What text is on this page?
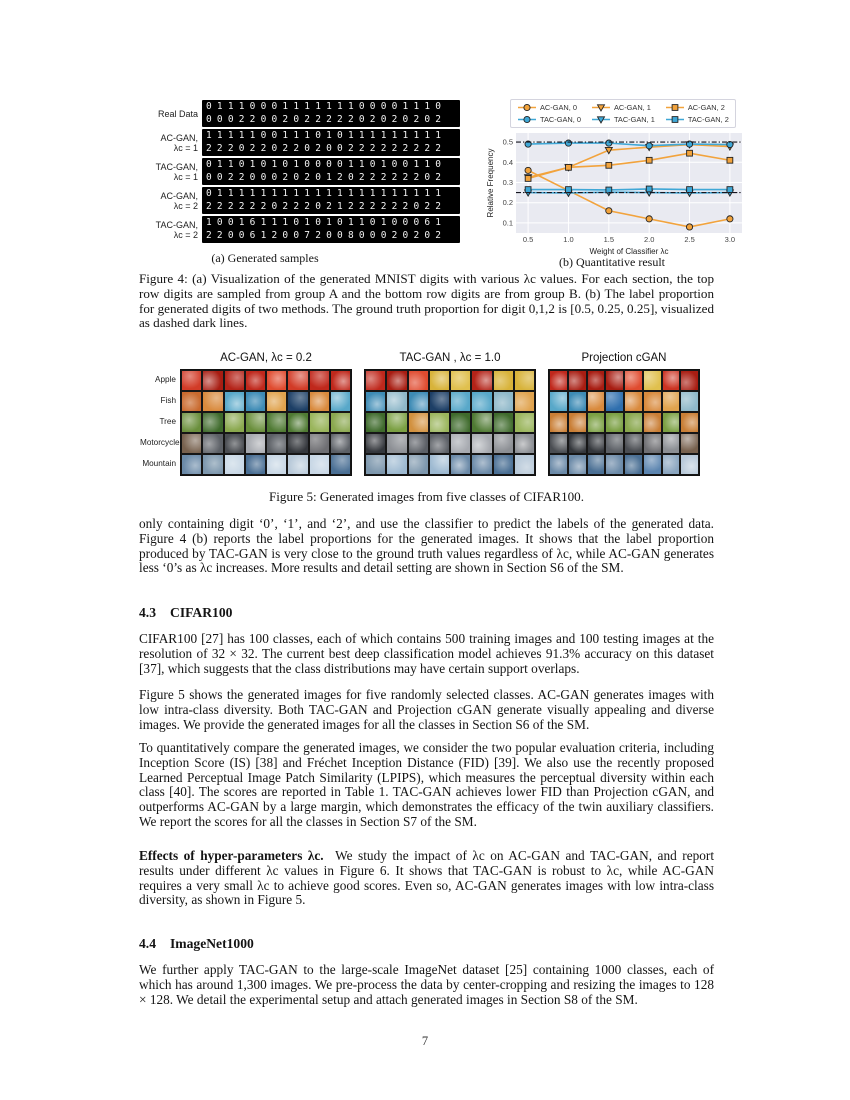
Real Data
0111000111111100001110
0002200202222202020202
AC-GAN,
λc = 1
1111100111010111111111
2220220220200222222222
TAC-GAN,
λc = 1
0110101010000110100110
0022000202012022222202
AC-GAN,
λc = 2
0111111111111111111111
2222220222021222222022
TAC-GAN,
λc = 2
1001611101010110100061
2200612007200800020202
(a) Generated samples
AC-GAN, 0
TAC-GAN, 0
AC-GAN, 1
TAC-GAN, 1
AC-GAN, 2
TAC-GAN, 2
0.5	1.0	1.5	2.0	2.5	3.0
0.1
0.2
0.3
0.4
0.5
Weight of Classifier λc
Relative Frequency
(b) Quantitative result

Figure 4: (a) Visualization of the generated MNIST digits with various λc values. For each section, the top row digits are sampled from group A and the bottom row digits are from group B. (b) The label proportion for generated digits of two methods. The ground truth proportion for digit 0,1,2 is [0.5, 0.25, 0.25], visualized as dashed dark lines.

Apple
Fish
Tree
Motorcycle
Mountain
AC-GAN, λc = 0.2	TAC-GAN , λc = 1.0	Projection cGAN

Figure 5: Generated images from five classes of CIFAR100.

only containing digit ‘0’, ‘1’, and ‘2’, and use the classifier to predict the labels of the generated data. Figure 4 (b) reports the label proportions for the generated images. It shows that the label proportion produced by TAC-GAN is very close to the ground truth values regardless of λc, while AC-GAN generates less ‘0’s as λc increases. More results and detail setting are shown in Section S6 of the SM.

4.3 CIFAR100

CIFAR100 [27] has 100 classes, each of which contains 500 training images and 100 testing images at the resolution of 32 × 32. The current best deep classification model achieves 91.3% accuracy on this dataset [37], which suggests that the class distributions may have certain support overlaps.

Figure 5 shows the generated images for five randomly selected classes. AC-GAN generates images with low intra-class diversity. Both TAC-GAN and Projection cGAN generate visually appealing and diverse images. We provide the generated images for all the classes in Section S6 of the SM.

To quantitatively compare the generated images, we consider the two popular evaluation criteria, including Inception Score (IS) [38] and Fréchet Inception Distance (FID) [39]. We also use the recently proposed Learned Perceptual Image Patch Similarity (LPIPS), which measures the perceptual diversity within each class [40]. The scores are reported in Table 1. TAC-GAN achieves lower FID than Projection cGAN, and outperforms AC-GAN by a large margin, which demonstrates the efficacy of the twin auxiliary classifiers. We report the scores for all the classes in Section S7 of the SM.

Effects of hyper-parameters λc. We study the impact of λc on AC-GAN and TAC-GAN, and report results under different λc values in Figure 6. It shows that TAC-GAN is robust to λc, while AC-GAN requires a very small λc to achieve good scores. Even so, AC-GAN generates images with low intra-class diversity, as shown in Figure 5.

4.4 ImageNet1000

We further apply TAC-GAN to the large-scale ImageNet dataset [25] containing 1000 classes, each of which has around 1,300 images. We pre-process the data by center-cropping and resizing the images to 128 × 128. We detail the experimental setup and attach generated images in Section S8 of the SM.

7
